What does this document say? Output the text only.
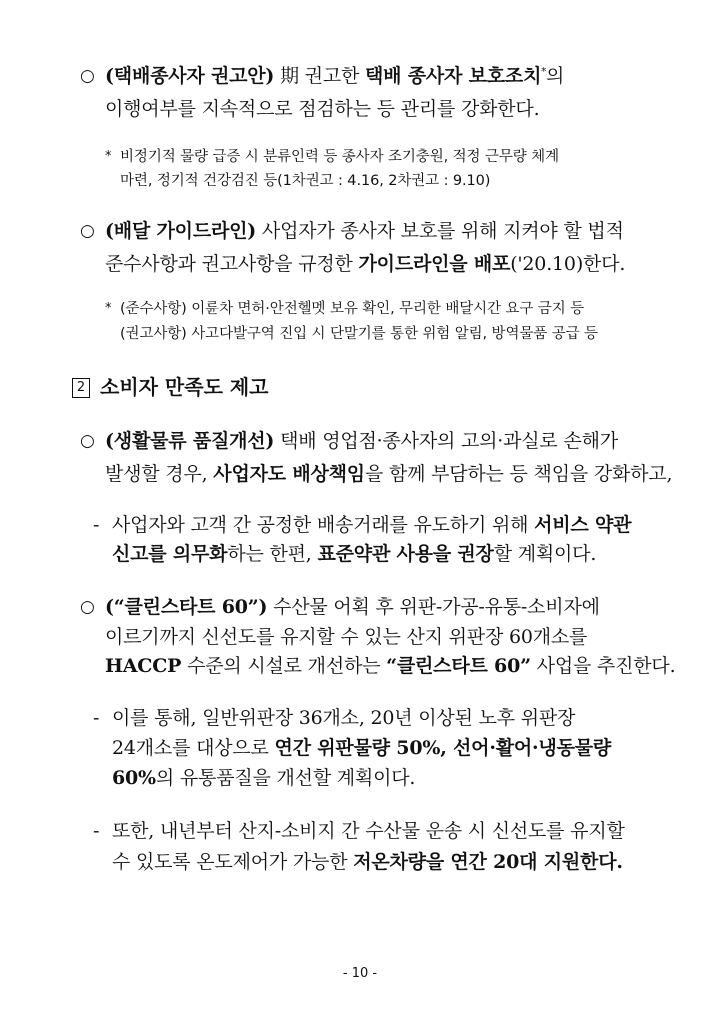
○ (택배종사자 권고안) 期 권고한 택배 종사자 보호조치*의
이행여부를 지속적으로 점검하는 등 관리를 강화한다.
* 비정기적 물량 급증 시 분류인력 등 종사자 조기충원, 적정 근무량 체계
마련, 정기적 건강검진 등(1차권고 : 4.16, 2차권고 : 9.10)
○ (배달 가이드라인) 사업자가 종사자 보호를 위해 지켜야 할 법적
준수사항과 권고사항을 규정한 가이드라인을 배포('20.10)한다.
* (준수사항) 이륜차 면허·안전헬멧 보유 확인, 무리한 배달시간 요구 금지 등
(권고사항) 사고다발구역 진입 시 단말기를 통한 위험 알림, 방역물품 공급 등
2 소비자 만족도 제고
○ (생활물류 품질개선) 택배 영업점·종사자의 고의·과실로 손해가
발생할 경우, 사업자도 배상책임을 함께 부담하는 등 책임을 강화하고,
- 사업자와 고객 간 공정한 배송거래를 유도하기 위해 서비스 약관
신고를 의무화하는 한편, 표준약관 사용을 권장할 계획이다.
○ (“클린스타트 60”) 수산물 어획 후 위판-가공-유통-소비자에
이르기까지 신선도를 유지할 수 있는 산지 위판장 60개소를
HACCP 수준의 시설로 개선하는 “클린스타트 60” 사업을 추진한다.
- 이를 통해, 일반위판장 36개소, 20년 이상된 노후 위판장
24개소를 대상으로 연간 위판물량 50%, 선어·활어·냉동물량
60%의 유통품질을 개선할 계획이다.
- 또한, 내년부터 산지-소비지 간 수산물 운송 시 신선도를 유지할
수 있도록 온도제어가 가능한 저온차량을 연간 20대 지원한다.
- 10 -
